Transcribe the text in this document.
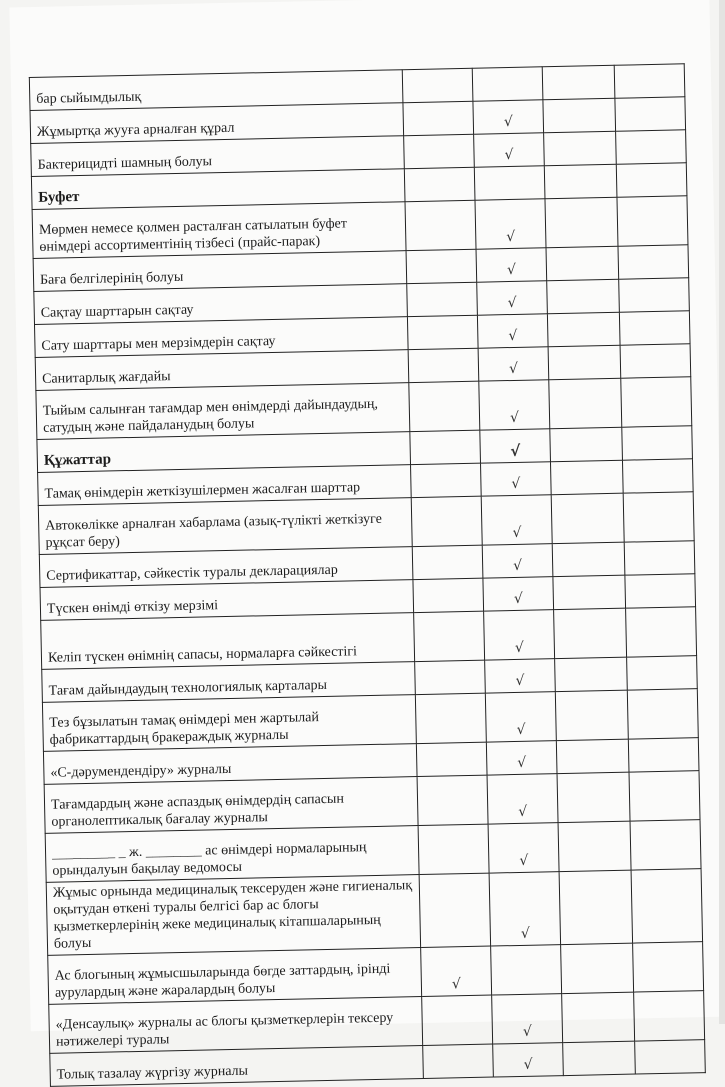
бар сыйымдылық				
Жұмыртқа жууға арналған құрал		√		
Бактерицидті шамның болуы		√		
Буфет				
Мөрмен немесе қолмен расталған сатылатын буфет өнімдері ассортиментінің тізбесі (прайс-парак)		√		
Баға белгілерінің болуы		√		
Сақтау шарттарын сақтау		√		
Сату шарттары мен мерзімдерін сақтау		√		
Санитарлық жағдайы		√		
Тыйым салынған тағамдар мен өнімдерді дайындаудың, сатудың және пайдаланудың болуы		√		
Құжаттар		√		
Тамақ өнімдерін жеткізушілермен жасалған шарттар		√		
Автокөлікке арналған хабарлама (азық-түлікті жеткізуге рұқсат беру)		√		
Сертификаттар, сәйкестік туралы декларациялар		√		
Түскен өнімді өткізу мерзімі		√		
Келіп түскен өнімнің сапасы, нормаларға сәйкестігі		√		
Тағам дайындаудың технологиялық карталары		√		
Тез бұзылатын тамақ өнімдері мен жартылай фабрикаттардың бракераждық журналы		√		
«С-дәрумендендіру» журналы		√		
Тағамдардың және аспаздық өнімдердің сапасын органолептикалық бағалау журналы		√		
_________ _ ж. ________ ас өнімдері нормаларының орындалуын бақылау ведомосы		√		
Жұмыс орнында медициналық тексеруден және гигиеналық оқытудан өткені туралы белгісі бар ас блогы қызметкерлерінің жеке медициналық кітапшаларының болуы		√		
Ас блогының жұмысшыларында бөгде заттардың, ірінді аурулардың және жаралардың болуы	√			
«Денсаулық» журналы ас блогы қызметкерлерін тексеру нәтижелері туралы		√		
Толық тазалау жүргізу журналы		√		
